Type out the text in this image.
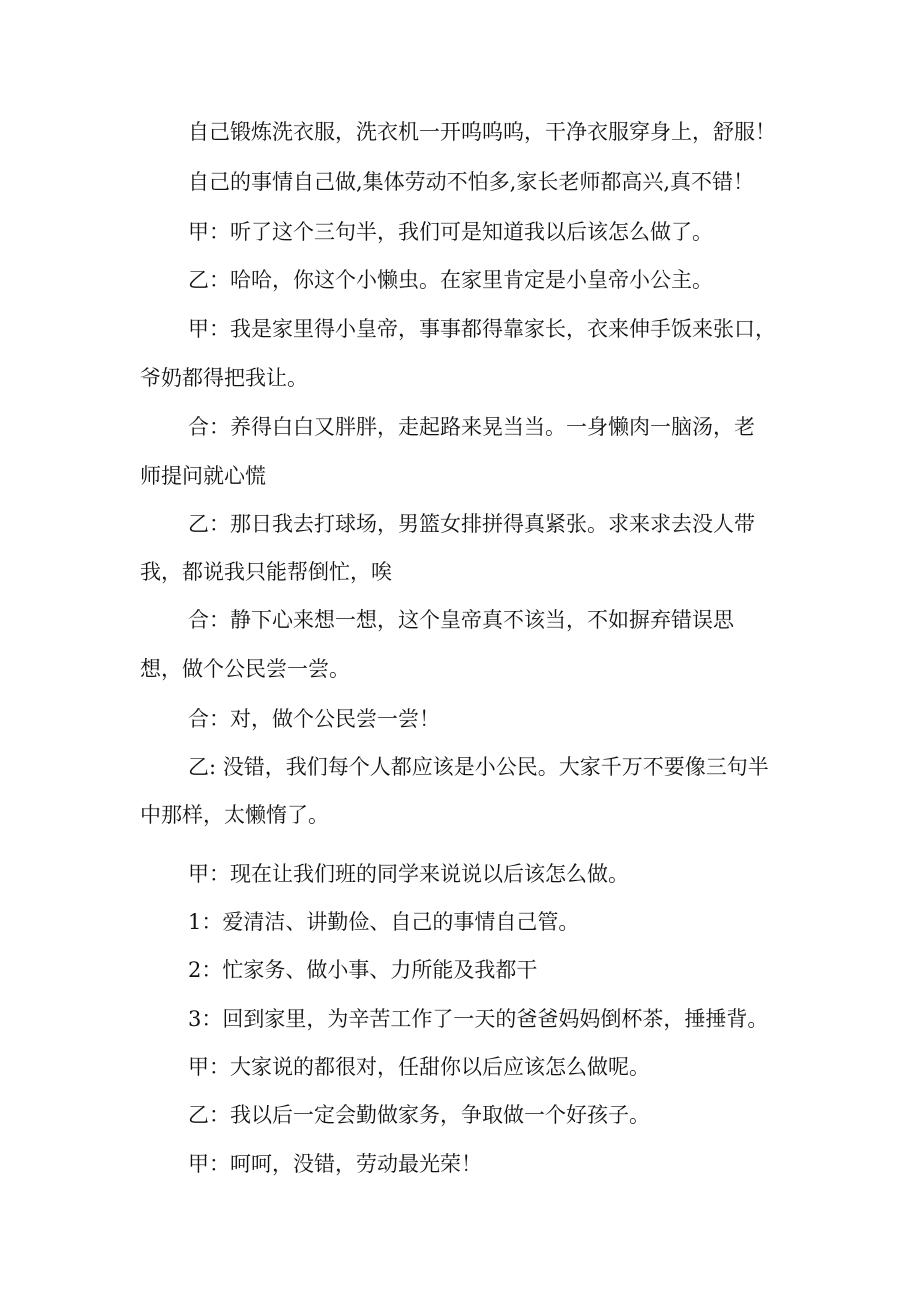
自己锻炼洗衣服，洗衣机一开呜呜呜，干净衣服穿身上，舒服！
自己的事情自己做,集体劳动不怕多,家长老师都高兴,真不错！
甲：听了这个三句半，我们可是知道我以后该怎么做了。
乙：哈哈，你这个小懒虫。在家里肯定是小皇帝小公主。
甲：我是家里得小皇帝，事事都得靠家长，衣来伸手饭来张口，
爷奶都得把我让。
合：养得白白又胖胖，走起路来晃当当。一身懒肉一脑汤，老
师提问就心慌
乙：那日我去打球场，男篮女排拼得真紧张。求来求去没人带
我，都说我只能帮倒忙，唉
合：静下心来想一想，这个皇帝真不该当，不如摒弃错误思
想，做个公民尝一尝。
合：对，做个公民尝一尝！
乙: 没错，我们每个人都应该是小公民。大家千万不要像三句半
中那样，太懒惰了。
甲：现在让我们班的同学来说说以后该怎么做。
1：爱清洁、讲勤俭、自己的事情自己管。
2：忙家务、做小事、力所能及我都干
3：回到家里，为辛苦工作了一天的爸爸妈妈倒杯茶，捶捶背。
甲：大家说的都很对，任甜你以后应该怎么做呢。
乙：我以后一定会勤做家务，争取做一个好孩子。
甲：呵呵，没错，劳动最光荣！
